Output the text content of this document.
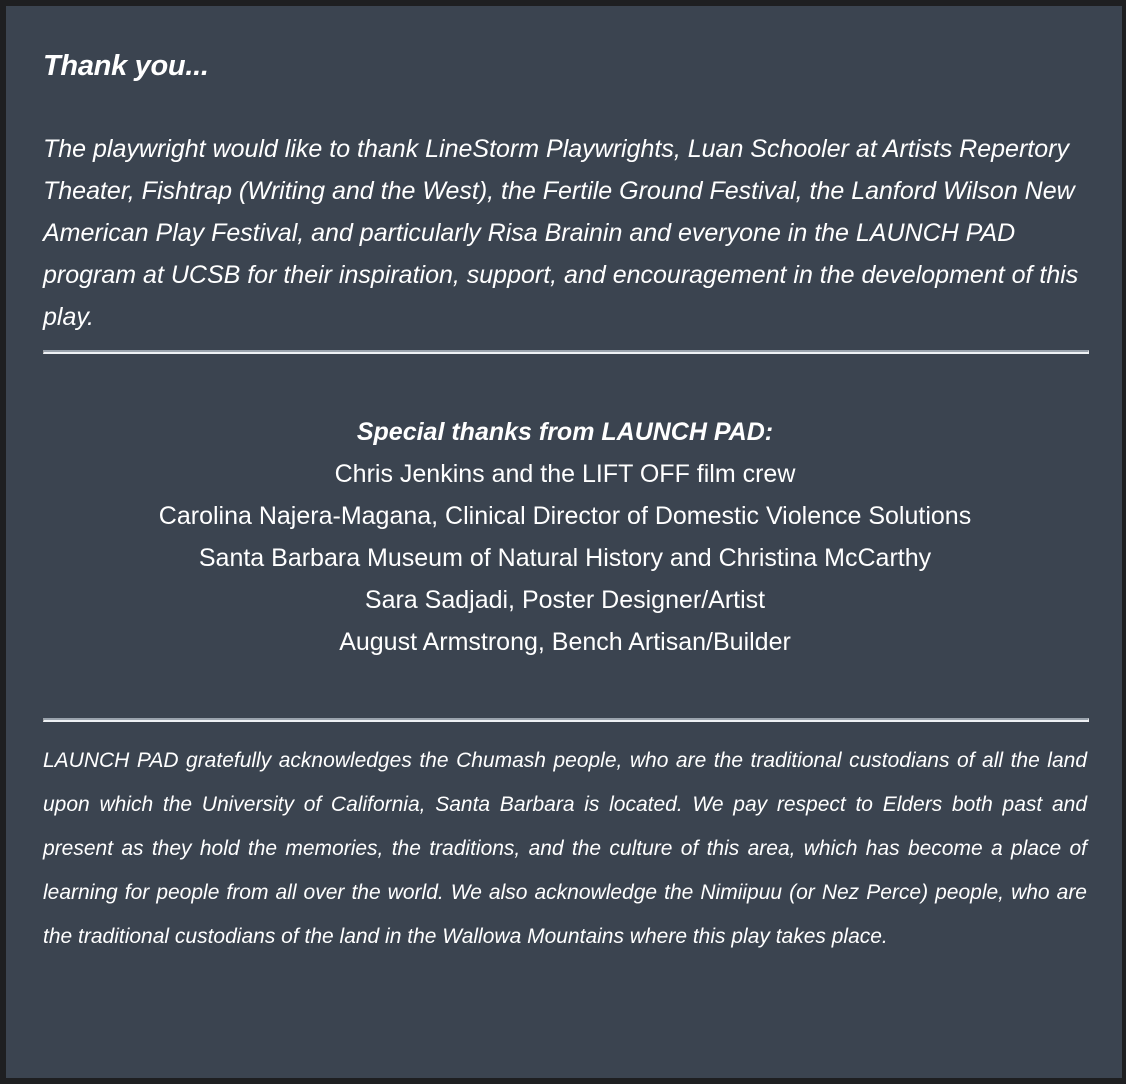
Thank you...

The playwright would like to thank LineStorm Playwrights, Luan Schooler at Artists Repertory Theater, Fishtrap (Writing and the West), the Fertile Ground Festival, the Lanford Wilson New American Play Festival, and particularly Risa Brainin and everyone in the LAUNCH PAD program at UCSB for their inspiration, support, and encouragement in the development of this play.

Special thanks from LAUNCH PAD:
Chris Jenkins and the LIFT OFF film crew
Carolina Najera-Magana, Clinical Director of Domestic Violence Solutions
Santa Barbara Museum of Natural History and Christina McCarthy
Sara Sadjadi, Poster Designer/Artist
August Armstrong, Bench Artisan/Builder

LAUNCH PAD gratefully acknowledges the Chumash people, who are the traditional custodians of all the land upon which the University of California, Santa Barbara is located. We pay respect to Elders both past and present as they hold the memories, the traditions, and the culture of this area, which has become a place of learning for people from all over the world. We also acknowledge the Nimiipuu (or Nez Perce) people, who are the traditional custodians of the land in the Wallowa Mountains where this play takes place.
